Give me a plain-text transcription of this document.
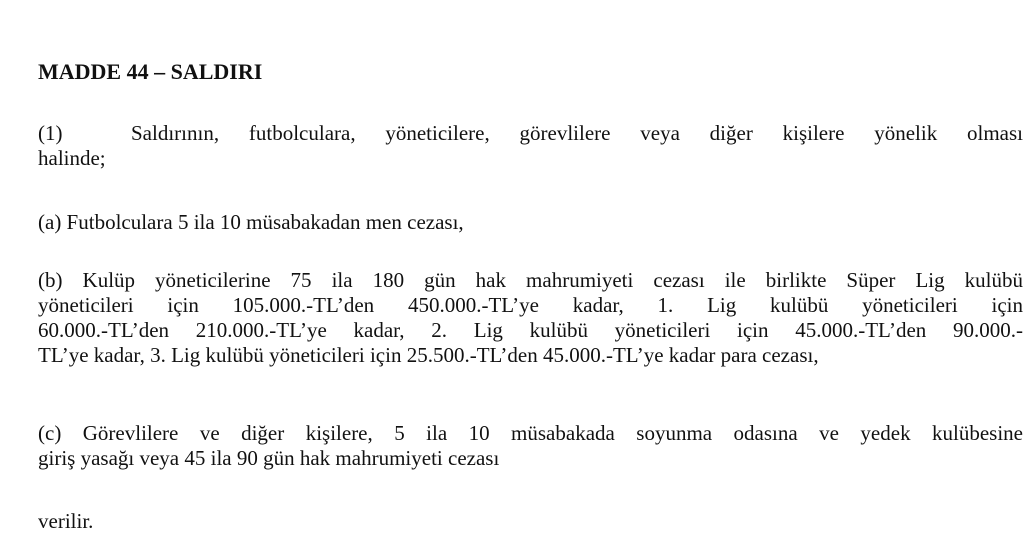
MADDE 44 – SALDIRI
(1)	Saldırının, futbolculara, yöneticilere, görevlilere veya diğer kişilere yönelik olması
halinde;
(a) Futbolculara 5 ila 10 müsabakadan men cezası,
(b) Kulüp yöneticilerine 75 ila 180 gün hak mahrumiyeti cezası ile birlikte Süper Lig kulübü
yöneticileri için 105.000.-TL’den 450.000.-TL’ye kadar, 1. Lig kulübü yöneticileri için
60.000.-TL’den 210.000.-TL’ye kadar, 2. Lig kulübü yöneticileri için 45.000.-TL’den 90.000.-
TL’ye kadar, 3. Lig kulübü yöneticileri için 25.500.-TL’den 45.000.-TL’ye kadar para cezası,
(c) Görevlilere ve diğer kişilere, 5 ila 10 müsabakada soyunma odasına ve yedek kulübesine
giriş yasağı veya 45 ila 90 gün hak mahrumiyeti cezası
verilir.
